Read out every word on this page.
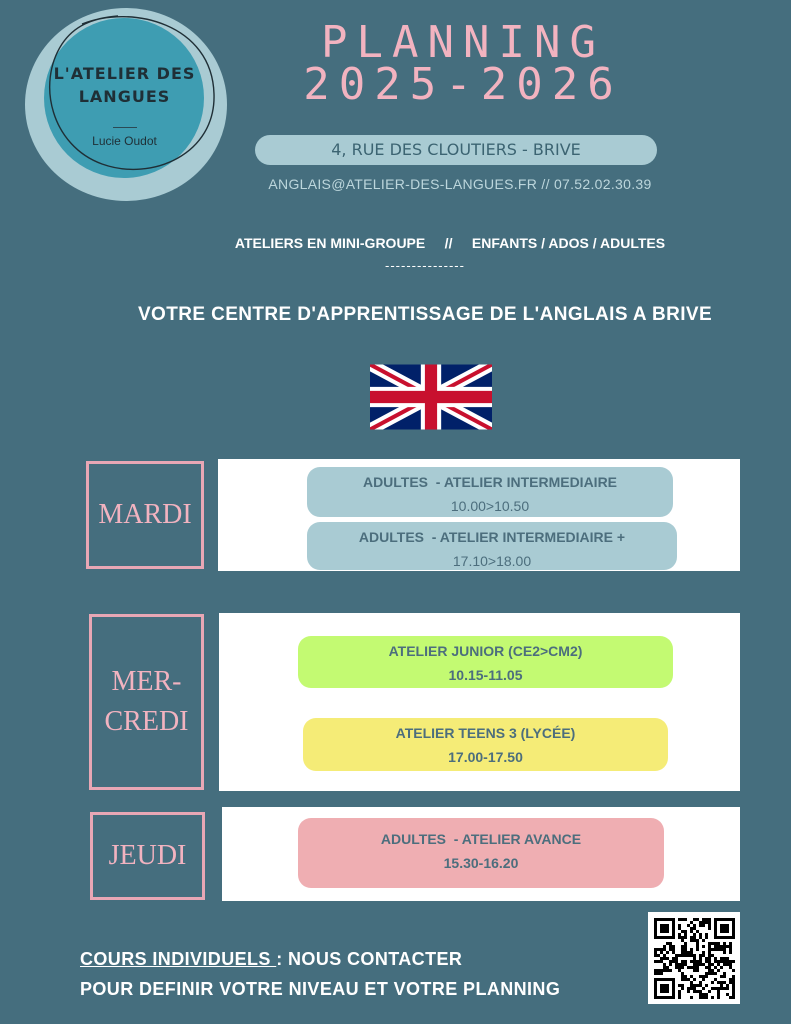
L'ATELIER DES
LANGUES
Lucie Oudot
PLANNING
2025-2026
4, RUE DES CLOUTIERS - BRIVE
ANGLAIS@ATELIER-DES-LANGUES.FR // 07.52.02.30.39
ATELIERS EN MINI-GROUPE     //     ENFANTS / ADOS / ADULTES
---------------
VOTRE CENTRE D'APPRENTISSAGE DE L'ANGLAIS A BRIVE
MARDI
ADULTES  - ATELIER INTERMEDIAIRE
10.00>10.50
ADULTES  - ATELIER INTERMEDIAIRE +
17.10>18.00
MER-
CREDI
ATELIER JUNIOR (CE2>CM2)
10.15-11.05
ATELIER TEENS 3 (LYCÉE)
17.00-17.50
JEUDI
ADULTES  - ATELIER AVANCE
15.30-16.20
COURS INDIVIDUELS : NOUS CONTACTER
POUR DEFINIR VOTRE NIVEAU ET VOTRE PLANNING
